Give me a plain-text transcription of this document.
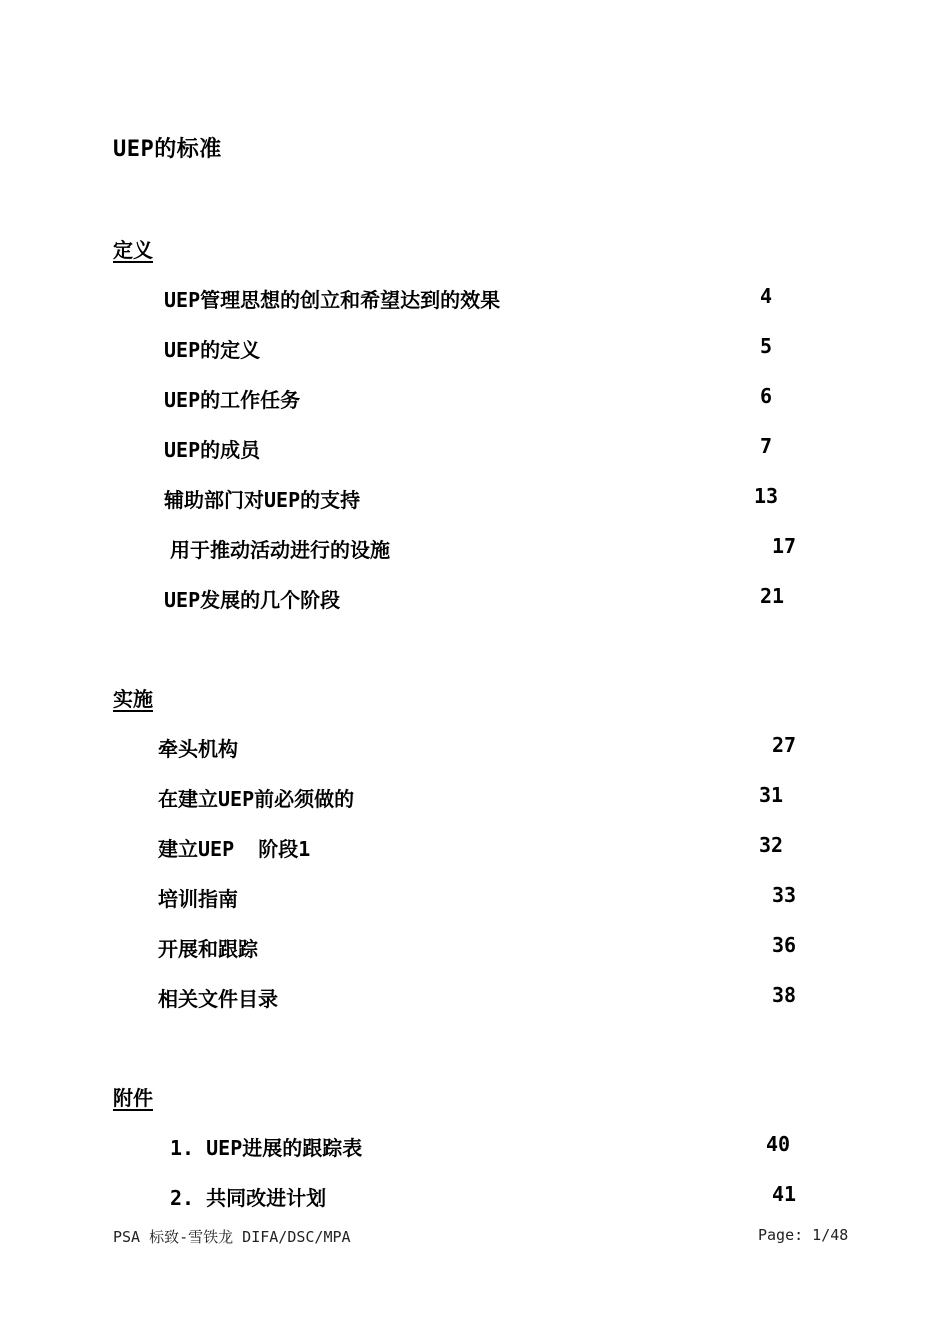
UEP的标准
定义
UEP管理思想的创立和希望达到的效果	4
UEP的定义	5
UEP的工作任务	6
UEP的成员	7
辅助部门对UEP的支持	13
用于推动活动进行的设施	17
UEP发展的几个阶段	21
实施
牵头机构	27
在建立UEP前必须做的	31
建立UEP  阶段1	32
培训指南	33
开展和跟踪	36
相关文件目录	38
附件
1. UEP进展的跟踪表	40
2. 共同改进计划	41
PSA 标致-雪铁龙 DIFA/DSC/MPA	Page: 1/48
